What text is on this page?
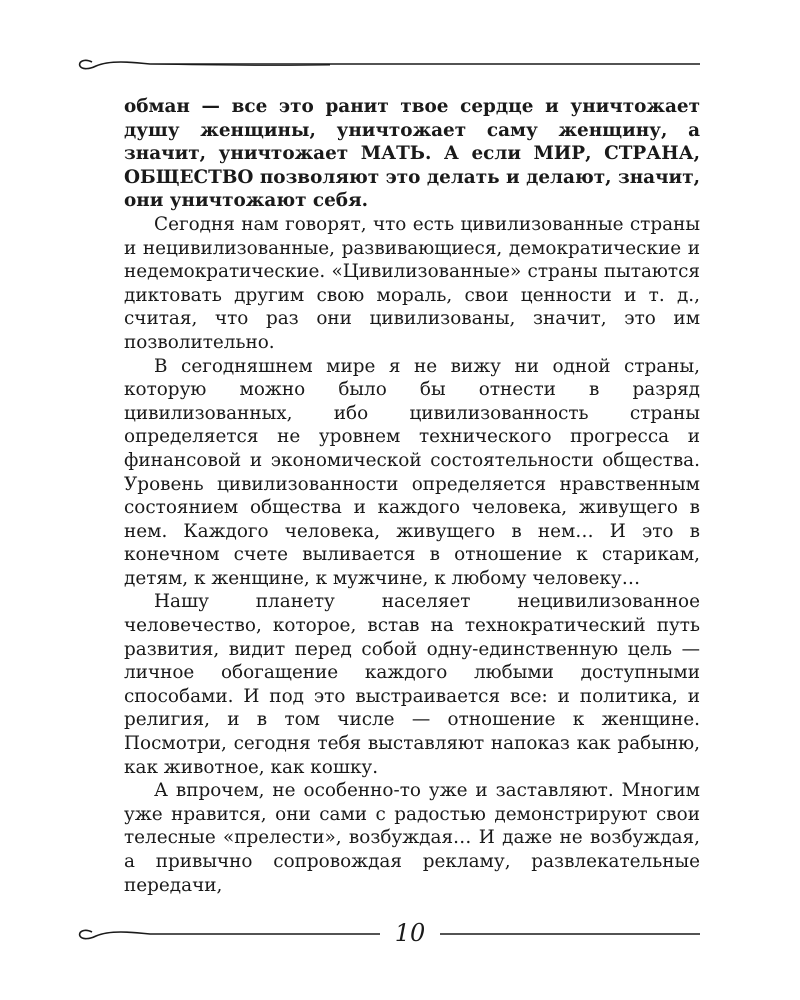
обман — все это ранит твое сердце и уничтожает душу женщины, уничтожает саму женщину, а значит, уничтожает МАТЬ. А если МИР, СТРАНА, ОБЩЕСТВО позволяют это делать и делают, значит, они уничтожают себя.

Сегодня нам говорят, что есть цивилизованные страны и нецивилизованные, развивающиеся, демократические и недемократические. «Цивилизованные» страны пытаются диктовать другим свою мораль, свои ценности и т. д., считая, что раз они цивилизованы, значит, это им позволительно.

В сегодняшнем мире я не вижу ни одной страны, которую можно было бы отнести в разряд цивилизованных, ибо цивилизованность страны определяется не уровнем технического прогресса и финансовой и экономической состоятельности общества. Уровень цивилизованности определяется нравственным состоянием общества и каждого человека, живущего в нем. Каждого человека, живущего в нем… И это в конечном счете выливается в отношение к старикам, детям, к женщине, к мужчине, к любому человеку…

Нашу планету населяет нецивилизованное человечество, которое, встав на технократический путь развития, видит перед собой одну-единственную цель — личное обогащение каждого любыми доступными способами. И под это выстраивается все: и политика, и религия, и в том числе — отношение к женщине. Посмотри, сегодня тебя выставляют напоказ как рабыню, как животное, как кошку.

А впрочем, не особенно-то уже и заставляют. Многим уже нравится, они сами с радостью демонстрируют свои телесные «прелести», возбуждая… И даже не возбуждая, а привычно сопровождая рекламу, развлекательные передачи,

10
